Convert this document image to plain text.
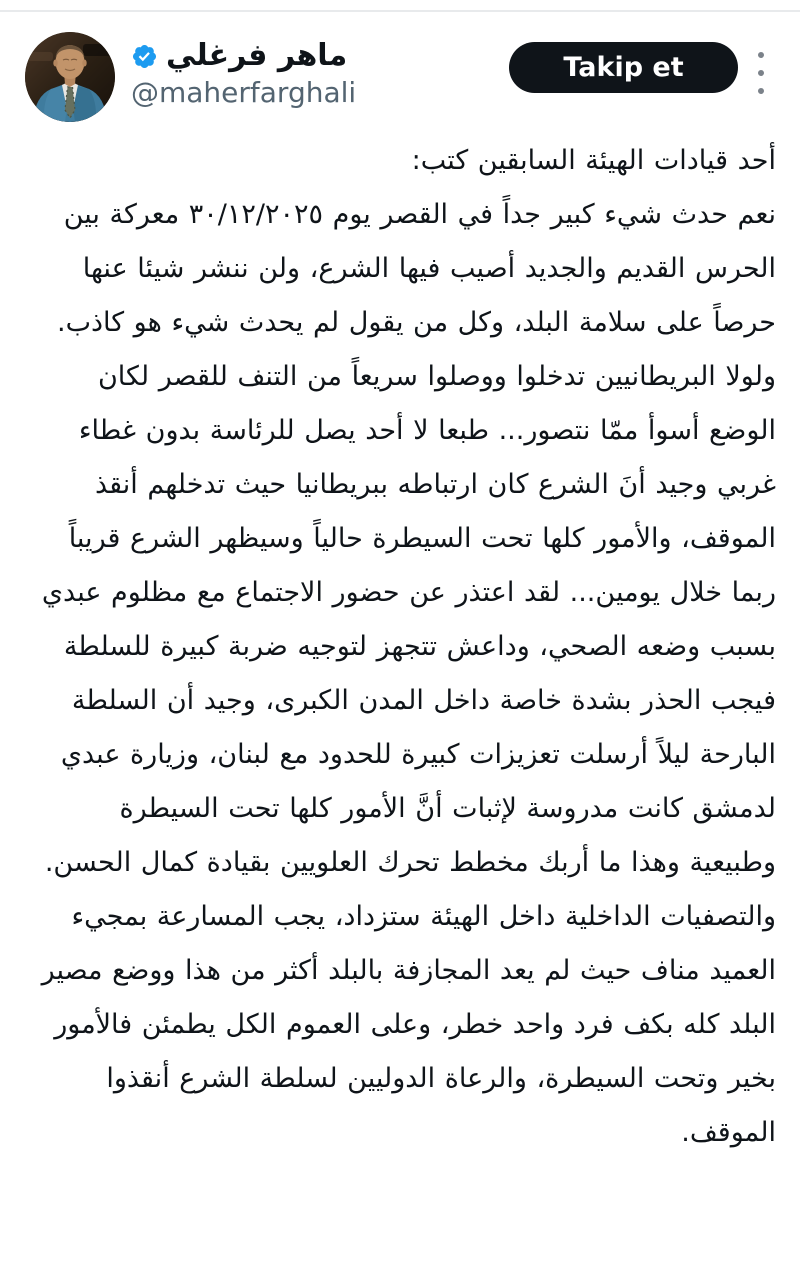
ماهر فرغلي
@maherfarghali
Takip et
أحد قيادات الهيئة السابقين كتب:
نعم حدث شيء كبير جداً في القصر يوم ٣٠/١٢/٢٠٢٥ معركة بين الحرس القديم والجديد أصيب فيها الشرع، ولن ننشر شيئا عنها حرصاً على سلامة البلد، وكل من يقول لم يحدث شيء هو كاذب. ولولا البريطانيين تدخلوا ووصلوا سريعاً من التنف للقصر لكان الوضع أسوأ ممّا نتصور... طبعا لا أحد يصل للرئاسة بدون غطاء غربي وجيد أنَ الشرع كان ارتباطه ببريطانيا حيث تدخلهم أنقذ الموقف، والأمور كلها تحت السيطرة حالياً وسيظهر الشرع قريباً ربما خلال يومين... لقد اعتذر عن حضور الاجتماع مع مظلوم عبدي بسبب وضعه الصحي، وداعش تتجهز لتوجيه ضربة كبيرة للسلطة فيجب الحذر بشدة خاصة داخل المدن الكبرى، وجيد أن السلطة البارحة ليلاً أرسلت تعزيزات كبيرة للحدود مع لبنان، وزيارة عبدي لدمشق كانت مدروسة لإثبات أنَّ الأمور كلها تحت السيطرة وطبيعية وهذا ما أربك مخطط تحرك العلويين بقيادة كمال الحسن. والتصفيات الداخلية داخل الهيئة ستزداد، يجب المسارعة بمجيء العميد مناف حيث لم يعد المجازفة بالبلد أكثر من هذا ووضع مصير البلد كله بكف فرد واحد خطر، وعلى العموم الكل يطمئن فالأمور بخير وتحت السيطرة، والرعاة الدوليين لسلطة الشرع أنقذوا الموقف.
